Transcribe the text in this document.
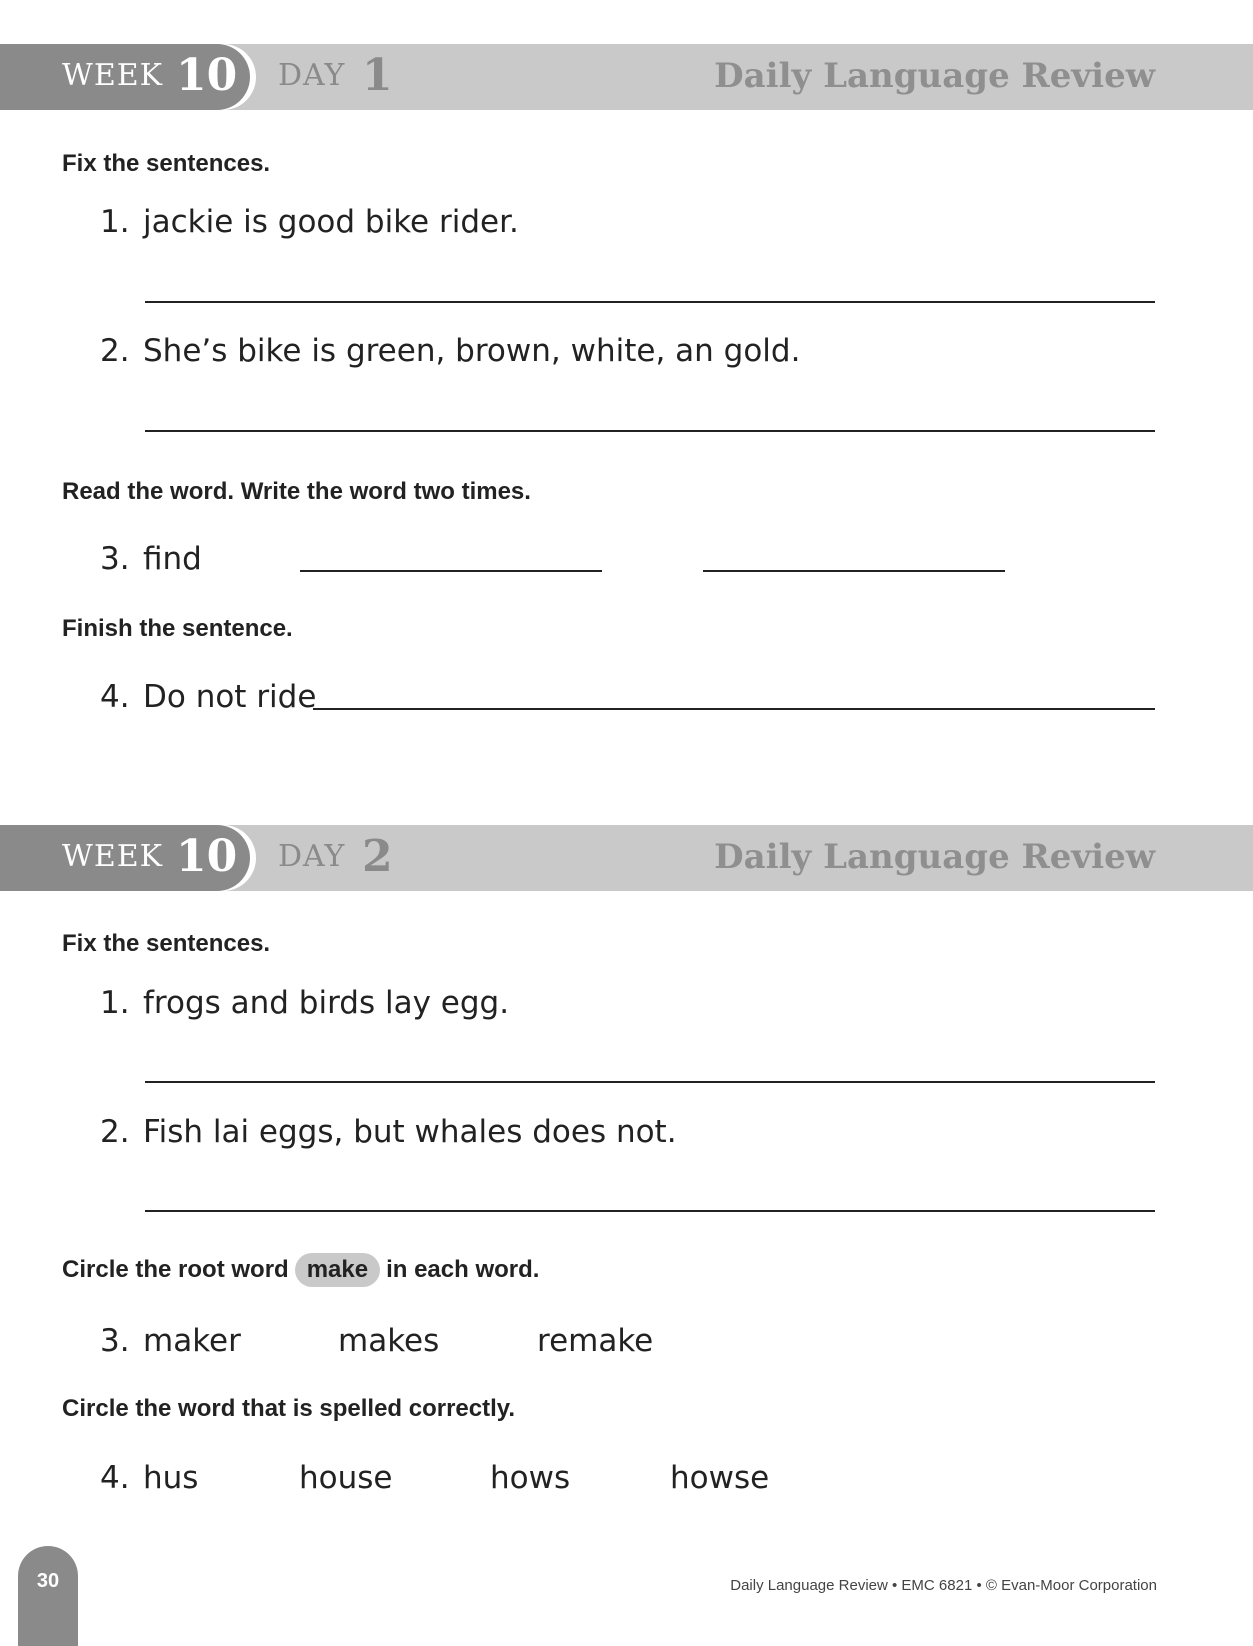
WEEK 10 DAY 1	Daily Language Review
Fix the sentences.
1. jackie is good bike rider.
2. She’s bike is green, brown, white, an gold.
Read the word. Write the word two times.
3. find
Finish the sentence.
4. Do not ride
WEEK 10 DAY 2	Daily Language Review
Fix the sentences.
1. frogs and birds lay egg.
2. Fish lai eggs, but whales does not.
Circle the root word make in each word.
3. maker	makes	remake
Circle the word that is spelled correctly.
4. hus	house	hows	howse
30	Daily Language Review • EMC 6821 • © Evan-Moor Corporation
